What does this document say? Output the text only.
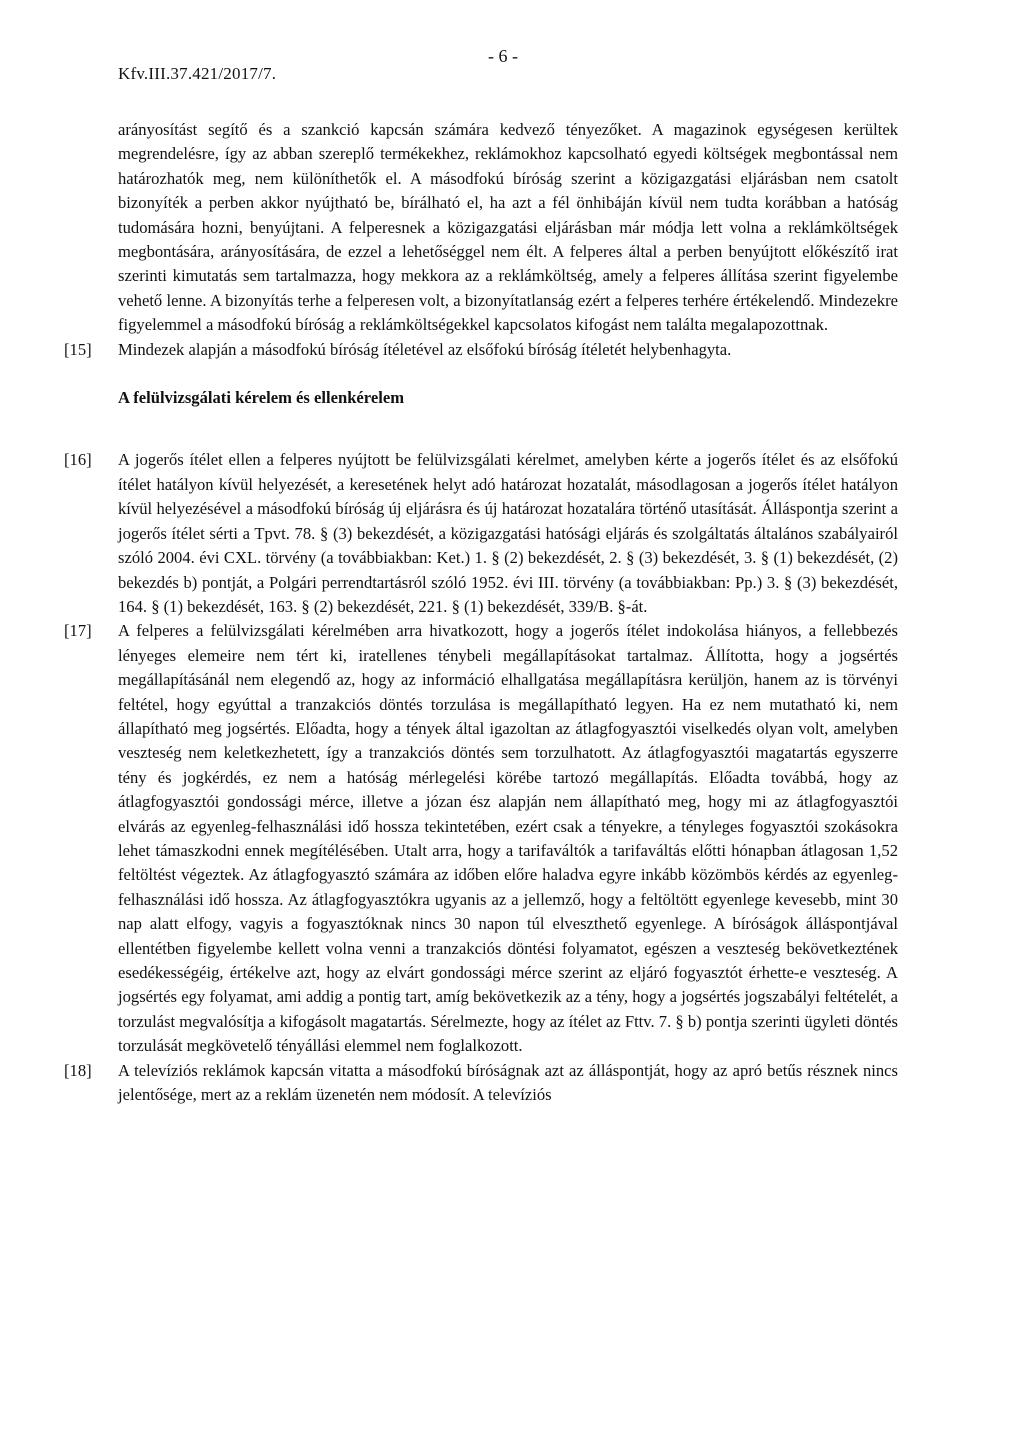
Kfv.III.37.421/2017/7.
- 6 -

arányosítást segítő és a szankció kapcsán számára kedvező tényezőket. A magazinok egységesen kerültek megrendelésre, így az abban szereplő termékekhez, reklámokhoz kapcsolható egyedi költségek megbontással nem határozhatók meg, nem különíthetők el. A másodfokú bíróság szerint a közigazgatási eljárásban nem csatolt bizonyíték a perben akkor nyújtható be, bírálható el, ha azt a fél önhibáján kívül nem tudta korábban a hatóság tudomására hozni, benyújtani. A felperesnek a közigazgatási eljárásban már módja lett volna a reklámköltségek megbontására, arányosítására, de ezzel a lehetőséggel nem élt. A felperes által a perben benyújtott előkészítő irat szerinti kimutatás sem tartalmazza, hogy mekkora az a reklámköltség, amely a felperes állítása szerint figyelembe vehető lenne. A bizonyítás terhe a felperesen volt, a bizonyítatlanság ezért a felperes terhére értékelendő. Mindezekre figyelemmel a másodfokú bíróság a reklámköltségekkel kapcsolatos kifogást nem találta megalapozottnak.

[15]	Mindezek alapján a másodfokú bíróság ítéletével az elsőfokú bíróság ítéletét helybenhagyta.

A felülvizsgálati kérelem és ellenkérelem

[16]	A jogerős ítélet ellen a felperes nyújtott be felülvizsgálati kérelmet, amelyben kérte a jogerős ítélet és az elsőfokú ítélet hatályon kívül helyezését, a keresetének helyt adó határozat hozatalát, másodlagosan a jogerős ítélet hatályon kívül helyezésével a másodfokú bíróság új eljárásra és új határozat hozatalára történő utasítását. Álláspontja szerint a jogerős ítélet sérti a Tpvt. 78. § (3) bekezdését, a közigazgatási hatósági eljárás és szolgáltatás általános szabályairól szóló 2004. évi CXL. törvény (a továbbiakban: Ket.) 1. § (2) bekezdését, 2. § (3) bekezdését, 3. § (1) bekezdését, (2) bekezdés b) pontját, a Polgári perrendtartásról szóló 1952. évi III. törvény (a továbbiakban: Pp.) 3. § (3) bekezdését, 164. § (1) bekezdését, 163. § (2) bekezdését, 221. § (1) bekezdését, 339/B. §-át.

[17]	A felperes a felülvizsgálati kérelmében arra hivatkozott, hogy a jogerős ítélet indokolása hiányos, a fellebbezés lényeges elemeire nem tért ki, iratellenes ténybeli megállapításokat tartalmaz. Állította, hogy a jogsértés megállapításánál nem elegendő az, hogy az információ elhallgatása megállapításra kerüljön, hanem az is törvényi feltétel, hogy egyúttal a tranzakciós döntés torzulása is megállapítható legyen. Ha ez nem mutatható ki, nem állapítható meg jogsértés. Előadta, hogy a tények által igazoltan az átlagfogyasztói viselkedés olyan volt, amelyben veszteség nem keletkezhetett, így a tranzakciós döntés sem torzulhatott. Az átlagfogyasztói magatartás egyszerre tény és jogkérdés, ez nem a hatóság mérlegelési körébe tartozó megállapítás. Előadta továbbá, hogy az átlagfogyasztói gondossági mérce, illetve a józan ész alapján nem állapítható meg, hogy mi az átlagfogyasztói elvárás az egyenleg-felhasználási idő hossza tekintetében, ezért csak a tényekre, a tényleges fogyasztói szokásokra lehet támaszkodni ennek megítélésében. Utalt arra, hogy a tarifaváltók a tarifaváltás előtti hónapban átlagosan 1,52 feltöltést végeztek. Az átlagfogyasztó számára az időben előre haladva egyre inkább közömbös kérdés az egyenleg-felhasználási idő hossza. Az átlagfogyasztókra ugyanis az a jellemző, hogy a feltöltött egyenlege kevesebb, mint 30 nap alatt elfogy, vagyis a fogyasztóknak nincs 30 napon túl elveszthető egyenlege. A bíróságok álláspontjával ellentétben figyelembe kellett volna venni a tranzakciós döntési folyamatot, egészen a veszteség bekövetkeztének esedékességéig, értékelve azt, hogy az elvárt gondossági mérce szerint az eljáró fogyasztót érhette-e veszteség. A jogsértés egy folyamat, ami addig a pontig tart, amíg bekövetkezik az a tény, hogy a jogsértés jogszabályi feltételét, a torzulást megvalósítja a kifogásolt magatartás. Sérelmezte, hogy az ítélet az Fttv. 7. § b) pontja szerinti ügyleti döntés torzulását megkövetelő tényállási elemmel nem foglalkozott.

[18]	A televíziós reklámok kapcsán vitatta a másodfokú bíróságnak azt az álláspontját, hogy az apró betűs résznek nincs jelentősége, mert az a reklám üzenetén nem módosít. A televíziós
